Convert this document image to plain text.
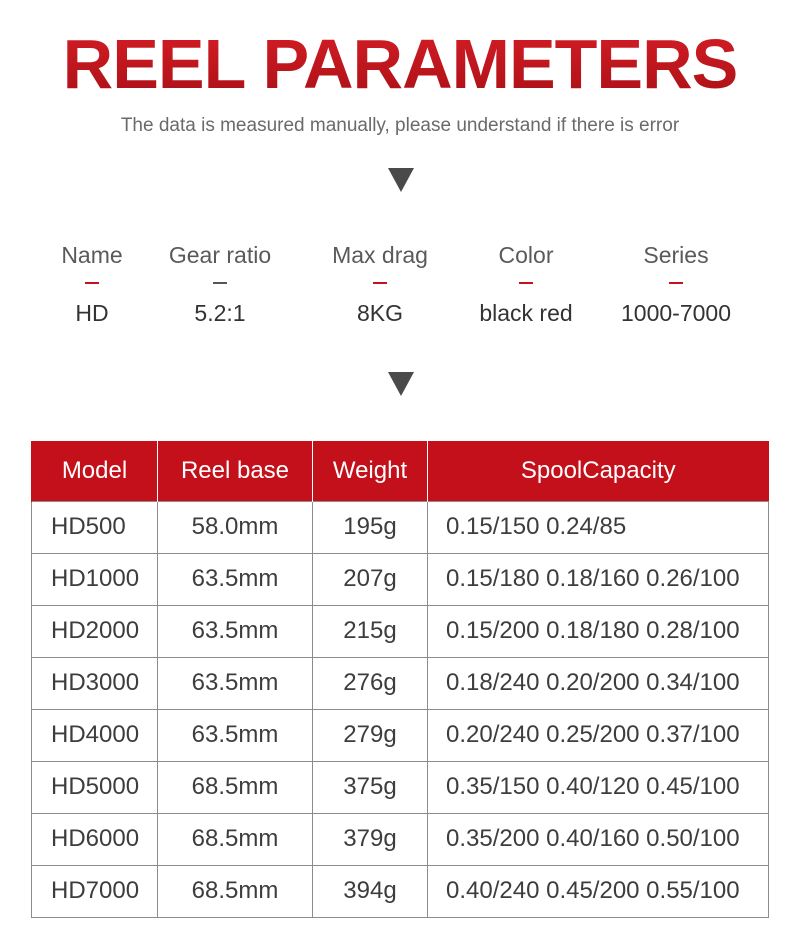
REEL PARAMETERS
The data is measured manually, please understand if there is error
Name
HD
Gear ratio
5.2:1
Max drag
8KG
Color
black red
Series
1000-7000
Model	Reel base	Weight	SpoolCapacity
HD500	58.0mm	195g	0.15/150 0.24/85
HD1000	63.5mm	207g	0.15/180 0.18/160 0.26/100
HD2000	63.5mm	215g	0.15/200 0.18/180 0.28/100
HD3000	63.5mm	276g	0.18/240 0.20/200 0.34/100
HD4000	63.5mm	279g	0.20/240 0.25/200 0.37/100
HD5000	68.5mm	375g	0.35/150 0.40/120 0.45/100
HD6000	68.5mm	379g	0.35/200 0.40/160 0.50/100
HD7000	68.5mm	394g	0.40/240 0.45/200 0.55/100
